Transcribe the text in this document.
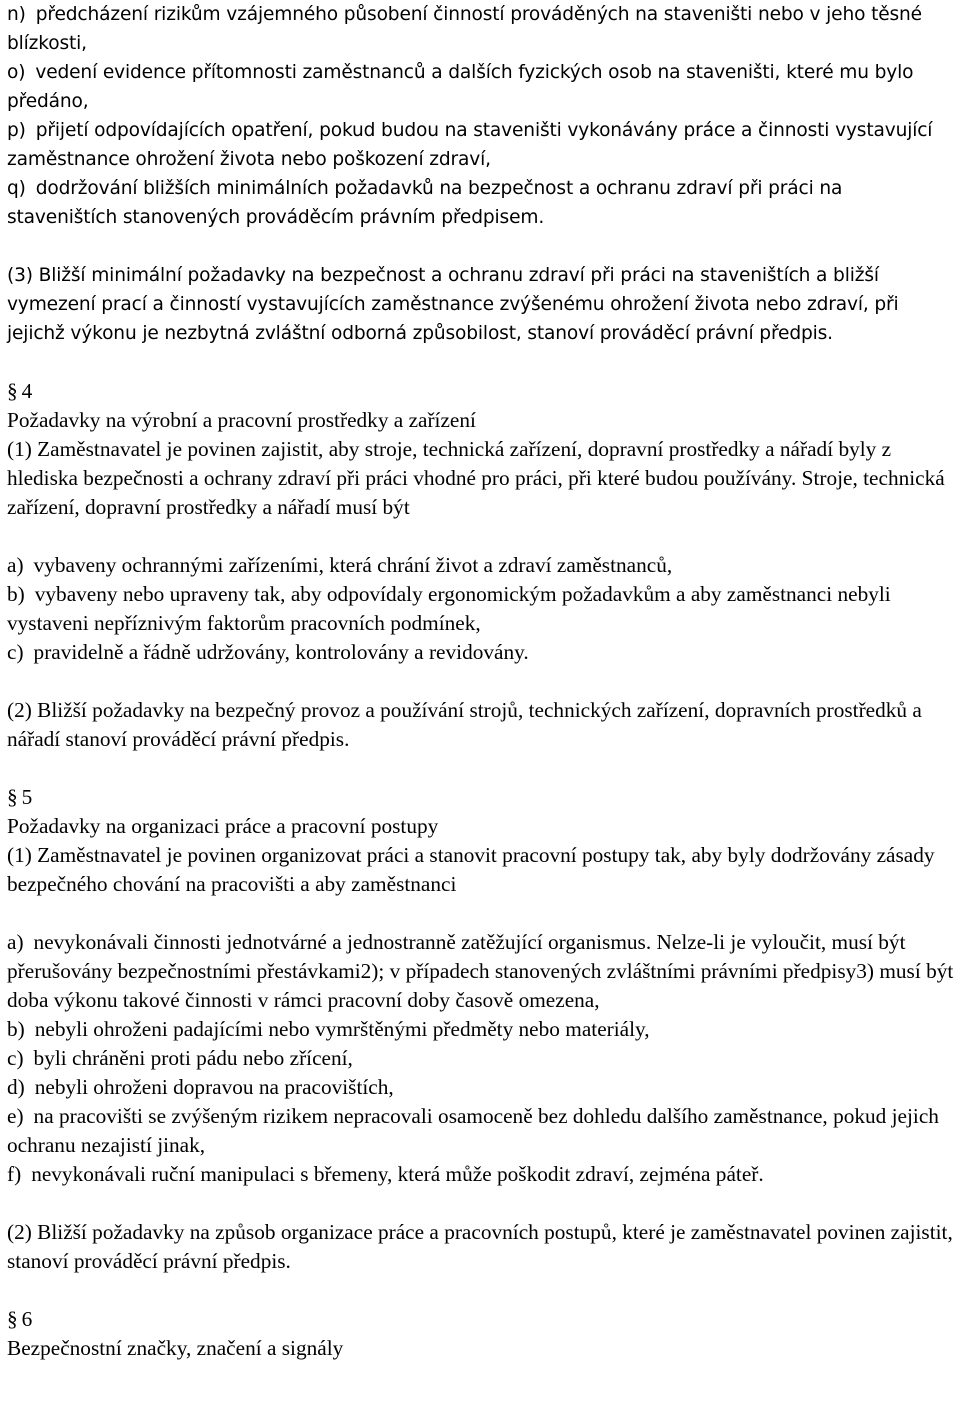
n) předcházení rizikům vzájemného působení činností prováděných na staveništi nebo v jeho těsné blízkosti,

o) vedení evidence přítomnosti zaměstnanců a dalších fyzických osob na staveništi, které mu bylo předáno,

p) přijetí odpovídajících opatření, pokud budou na staveništi vykonávány práce a činnosti vystavující zaměstnance ohrožení života nebo poškození zdraví,

q) dodržování bližších minimálních požadavků na bezpečnost a ochranu zdraví při práci na staveništích stanovených prováděcím právním předpisem.

(3) Bližší minimální požadavky na bezpečnost a ochranu zdraví při práci na staveništích a bližší vymezení prací a činností vystavujících zaměstnance zvýšenému ohrožení života nebo zdraví, při jejichž výkonu je nezbytná zvláštní odborná způsobilost, stanoví prováděcí právní předpis.

§ 4

Požadavky na výrobní a pracovní prostředky a zařízení

(1) Zaměstnavatel je povinen zajistit, aby stroje, technická zařízení, dopravní prostředky a nářadí byly z hlediska bezpečnosti a ochrany zdraví při práci vhodné pro práci, při které budou používány. Stroje, technická zařízení, dopravní prostředky a nářadí musí být

a) vybaveny ochrannými zařízeními, která chrání život a zdraví zaměstnanců,

b) vybaveny nebo upraveny tak, aby odpovídaly ergonomickým požadavkům a aby zaměstnanci nebyli vystaveni nepříznivým faktorům pracovních podmínek,

c) pravidelně a řádně udržovány, kontrolovány a revidovány.

(2) Bližší požadavky na bezpečný provoz a používání strojů, technických zařízení, dopravních prostředků a nářadí stanoví prováděcí právní předpis.

§ 5

Požadavky na organizaci práce a pracovní postupy

(1) Zaměstnavatel je povinen organizovat práci a stanovit pracovní postupy tak, aby byly dodržovány zásady bezpečného chování na pracovišti a aby zaměstnanci

a) nevykonávali činnosti jednotvárné a jednostranně zatěžující organismus. Nelze-li je vyloučit, musí být přerušovány bezpečnostními přestávkami2); v případech stanovených zvláštními právními předpisy3) musí být doba výkonu takové činnosti v rámci pracovní doby časově omezena,

b) nebyli ohroženi padajícími nebo vymrštěnými předměty nebo materiály,

c) byli chráněni proti pádu nebo zřícení,

d) nebyli ohroženi dopravou na pracovištích,

e) na pracovišti se zvýšeným rizikem nepracovali osamoceně bez dohledu dalšího zaměstnance, pokud jejich ochranu nezajistí jinak,

f) nevykonávali ruční manipulaci s břemeny, která může poškodit zdraví, zejména páteř.

(2) Bližší požadavky na způsob organizace práce a pracovních postupů, které je zaměstnavatel povinen zajistit, stanoví prováděcí právní předpis.

§ 6

Bezpečnostní značky, značení a signály
